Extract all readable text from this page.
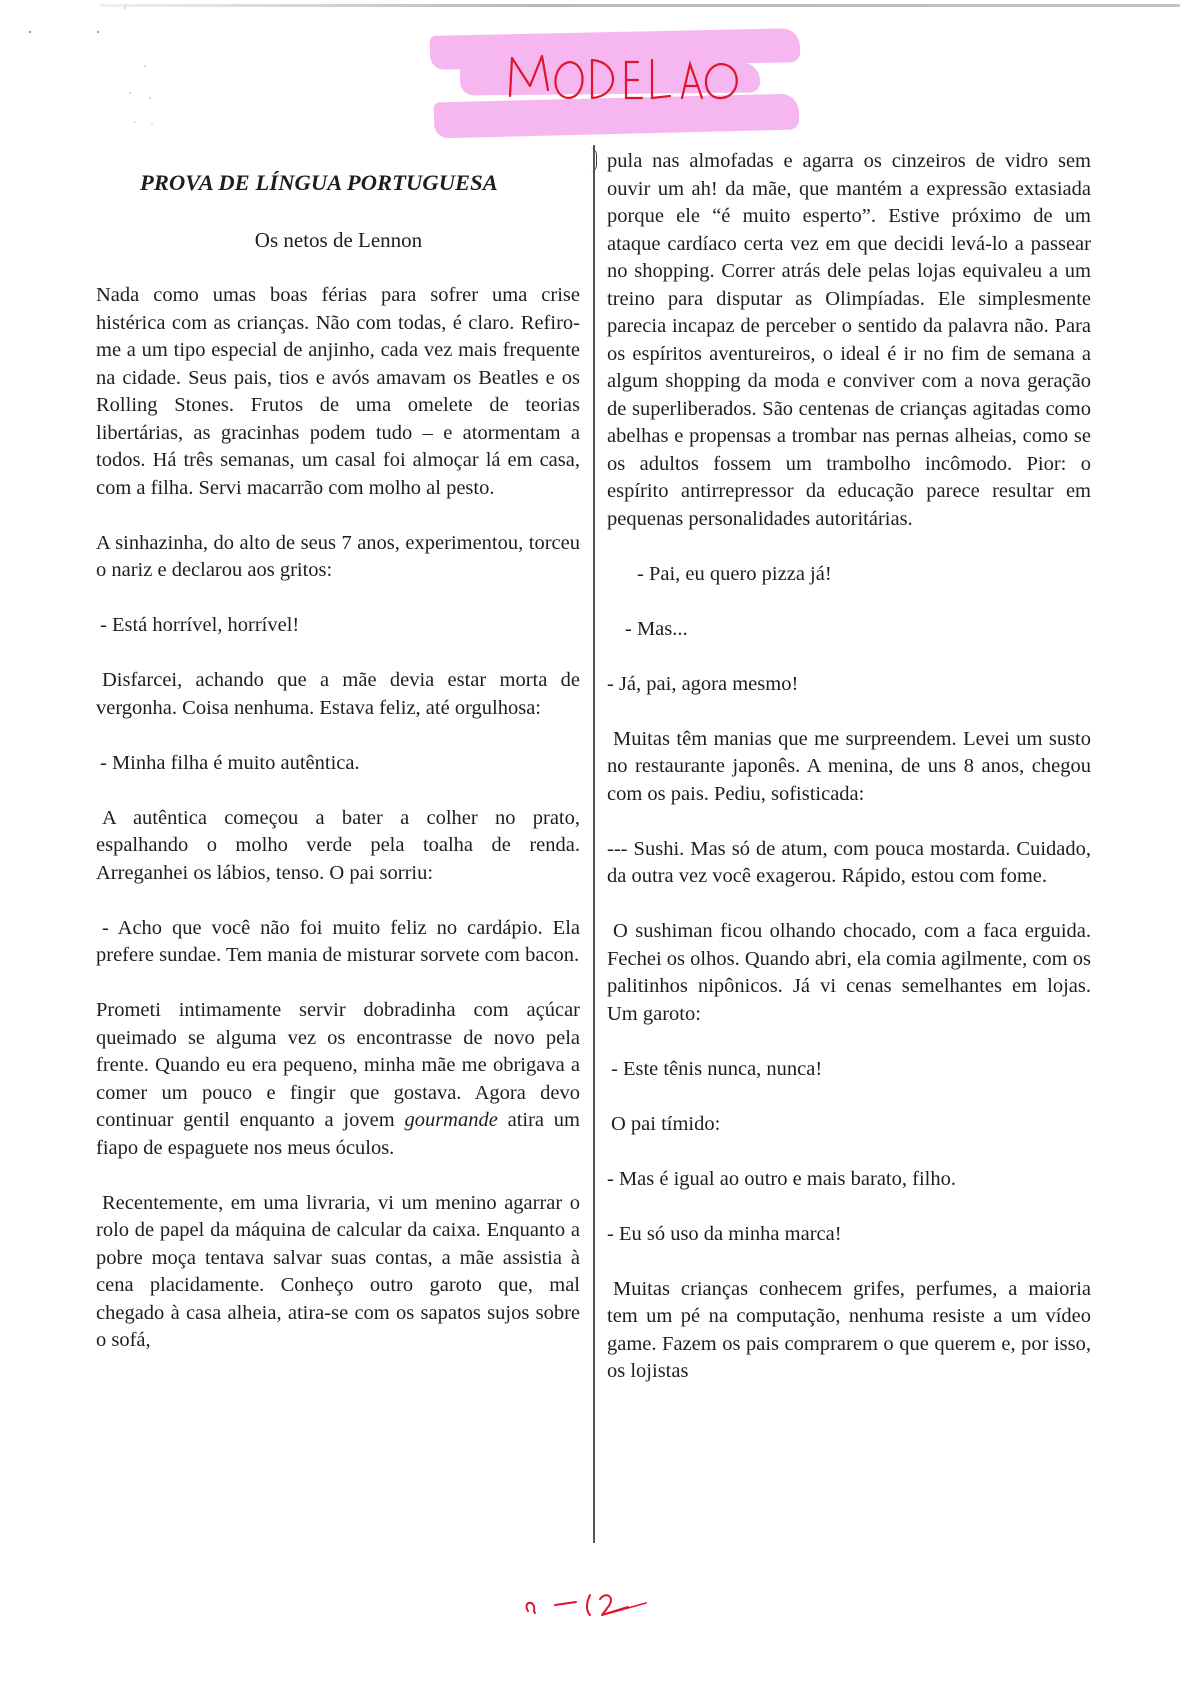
PROVA DE LÍNGUA PORTUGUESA
Os netos de Lennon

Nada como umas boas férias para sofrer uma crise histérica com as crianças. Não com todas, é claro. Refiro-me a um tipo especial de anjinho, cada vez mais frequente na cidade. Seus pais, tios e avós amavam os Beatles e os Rolling Stones. Frutos de uma omelete de teorias libertárias, as gracinhas podem tudo – e atormentam a todos. Há três semanas, um casal foi almoçar lá em casa, com a filha. Servi macarrão com molho al pesto.

A sinhazinha, do alto de seus 7 anos, experimentou, torceu o nariz e declarou aos gritos:

- Está horrível, horrível!

Disfarcei, achando que a mãe devia estar morta de vergonha. Coisa nenhuma. Estava feliz, até orgulhosa:

- Minha filha é muito autêntica.

A autêntica começou a bater a colher no prato, espalhando o molho verde pela toalha de renda. Arreganhei os lábios, tenso. O pai sorriu:

- Acho que você não foi muito feliz no cardápio. Ela prefere sundae. Tem mania de misturar sorvete com bacon.

Prometi intimamente servir dobradinha com açúcar queimado se alguma vez os encontrasse de novo pela frente. Quando eu era pequeno, minha mãe me obrigava a comer um pouco e fingir que gostava. Agora devo continuar gentil enquanto a jovem gourmande atira um fiapo de espaguete nos meus óculos.

Recentemente, em uma livraria, vi um menino agarrar o rolo de papel da máquina de calcular da caixa. Enquanto a pobre moça tentava salvar suas contas, a mãe assistia à cena placidamente. Conheço outro garoto que, mal chegado à casa alheia, atira-se com os sapatos sujos sobre o sofá,

pula nas almofadas e agarra os cinzeiros de vidro sem ouvir um ah! da mãe, que mantém a expressão extasiada porque ele “é muito esperto”. Estive próximo de um ataque cardíaco certa vez em que decidi levá-lo a passear no shopping. Correr atrás dele pelas lojas equivaleu a um treino para disputar as Olimpíadas. Ele simplesmente parecia incapaz de perceber o sentido da palavra não. Para os espíritos aventureiros, o ideal é ir no fim de semana a algum shopping da moda e conviver com a nova geração de superliberados. São centenas de crianças agitadas como abelhas e propensas a trombar nas pernas alheias, como se os adultos fossem um trambolho incômodo. Pior: o espírito antirrepressor da educação parece resultar em pequenas personalidades autoritárias.

- Pai, eu quero pizza já!

- Mas...

- Já, pai, agora mesmo!

Muitas têm manias que me surpreendem. Levei um susto no restaurante japonês. A menina, de uns 8 anos, chegou com os pais. Pediu, sofisticada:

--- Sushi. Mas só de atum, com pouca mostarda. Cuidado, da outra vez você exagerou. Rápido, estou com fome.

O sushiman ficou olhando chocado, com a faca erguida. Fechei os olhos. Quando abri, ela comia agilmente, com os palitinhos nipônicos. Já vi cenas semelhantes em lojas. Um garoto:

- Este tênis nunca, nunca!

O pai tímido:

- Mas é igual ao outro e mais barato, filho.

- Eu só uso da minha marca!

Muitas crianças conhecem grifes, perfumes, a maioria tem um pé na computação, nenhuma resiste a um vídeo game. Fazem os pais comprarem o que querem e, por isso, os lojistas
